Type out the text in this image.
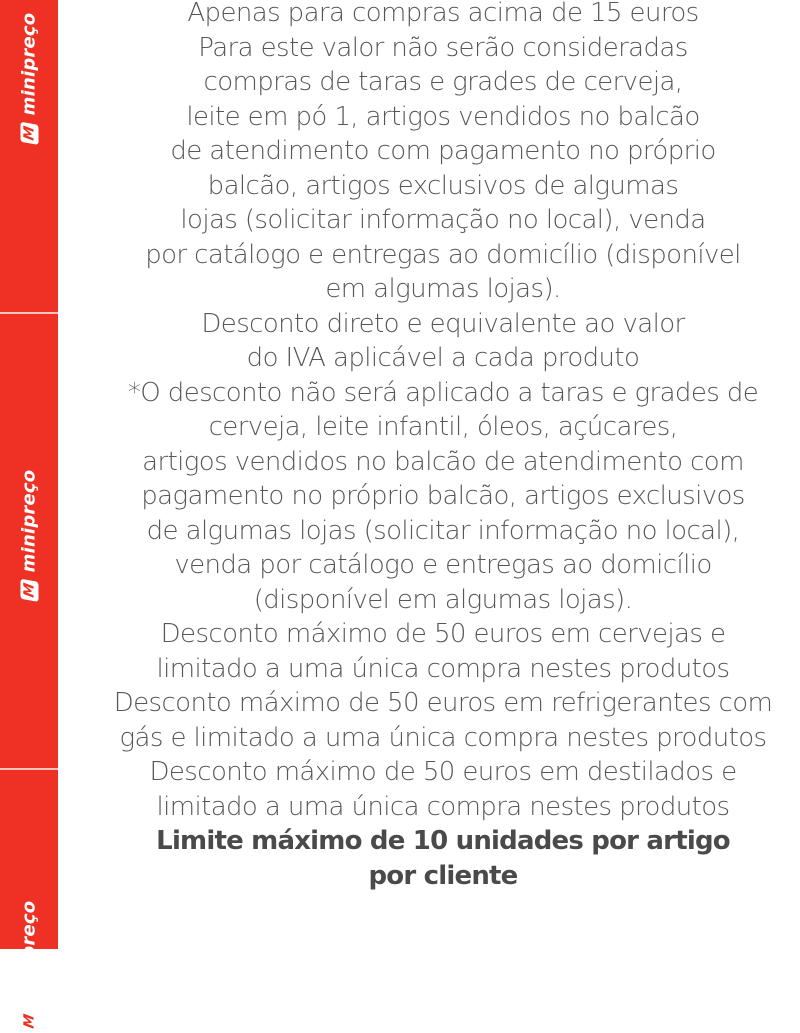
M
minipreço
M
minipreço
M
minipreço
Apenas para compras acima de 15 euros
Para este valor não serão consideradas
compras de taras e grades de cerveja,
leite em pó 1, artigos vendidos no balcão
de atendimento com pagamento no próprio
balcão, artigos exclusivos de algumas
lojas (solicitar informação no local), venda
por catálogo e entregas ao domicílio (disponível
em algumas lojas).
Desconto direto e equivalente ao valor
do IVA aplicável a cada produto
*O desconto não será aplicado a taras e grades de
cerveja, leite infantil, óleos, açúcares,
artigos vendidos no balcão de atendimento com
pagamento no próprio balcão, artigos exclusivos
de algumas lojas (solicitar informação no local),
venda por catálogo e entregas ao domicílio
(disponível em algumas lojas).
Desconto máximo de 50 euros em cervejas e
limitado a uma única compra nestes produtos
Desconto máximo de 50 euros em refrigerantes com
gás e limitado a uma única compra nestes produtos
Desconto máximo de 50 euros em destilados e
limitado a uma única compra nestes produtos
Limite máximo de 10 unidades por artigo
por cliente
